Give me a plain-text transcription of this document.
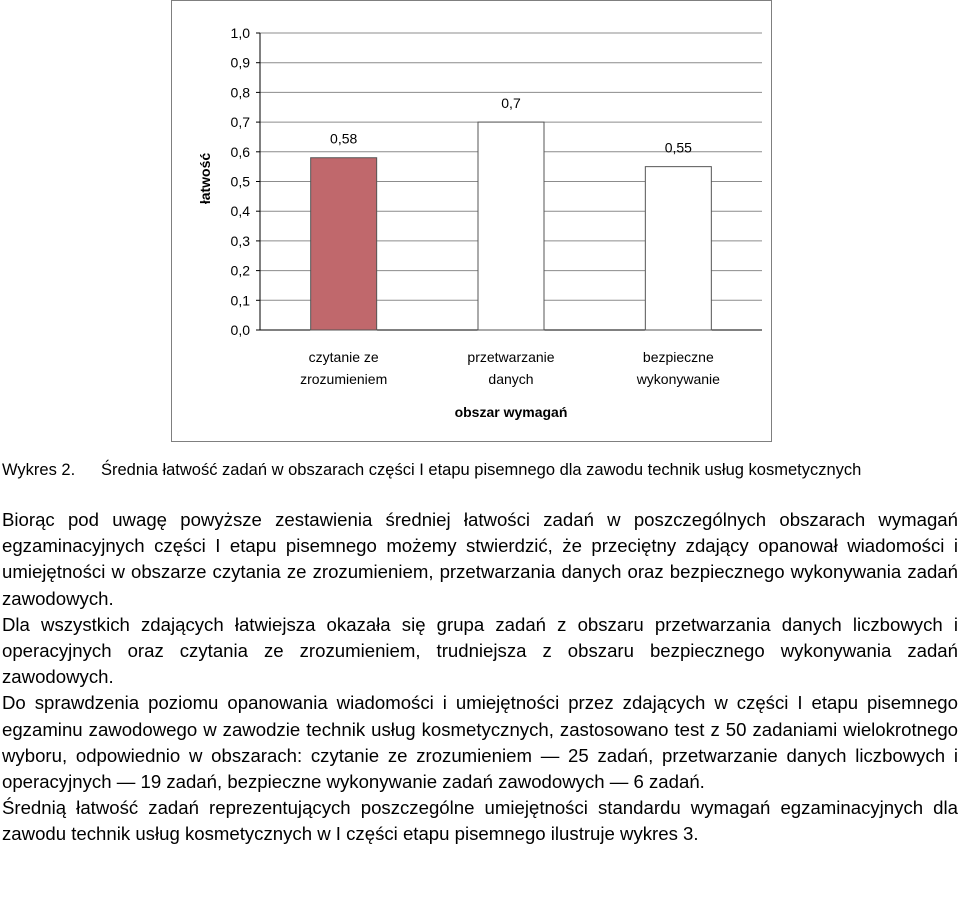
0,0
0,1
0,2
0,3
0,4
0,5
0,6
0,7
0,8
0,9
1,0
0,58
czytanie ze
zrozumieniem
0,7
przetwarzanie
danych
0,55
bezpieczne
wykonywanie
obszar wymagań
łatwość
Wykres 2. Średnia łatwość zadań w obszarach części I etapu pisemnego dla zawodu technik usług kosmetycznych

Biorąc pod uwagę powyższe zestawienia średniej łatwości zadań w poszczególnych obszarach wymagań egzaminacyjnych części I etapu pisemnego możemy stwierdzić, że przeciętny zdający opanował wiadomości i umiejętności w obszarze czytania ze zrozumieniem, przetwarzania danych oraz bezpiecznego wykonywania zadań zawodowych.

Dla wszystkich zdających łatwiejsza okazała się grupa zadań z obszaru przetwarzania danych liczbowych i operacyjnych oraz czytania ze zrozumieniem, trudniejsza z obszaru bezpiecznego wykonywania zadań zawodowych.

Do sprawdzenia poziomu opanowania wiadomości i umiejętności przez zdających w części I etapu pisemnego egzaminu zawodowego w zawodzie technik usług kosmetycznych, zastosowano test z 50 zadaniami wielokrotnego wyboru, odpowiednio w obszarach: czytanie ze zrozumieniem — 25 zadań, przetwarzanie danych liczbowych i operacyjnych — 19 zadań, bezpieczne wykonywanie zadań zawodowych — 6 zadań.

Średnią łatwość zadań reprezentujących poszczególne umiejętności standardu wymagań egzaminacyjnych dla zawodu technik usług kosmetycznych w I części etapu pisemnego ilustruje wykres 3.
